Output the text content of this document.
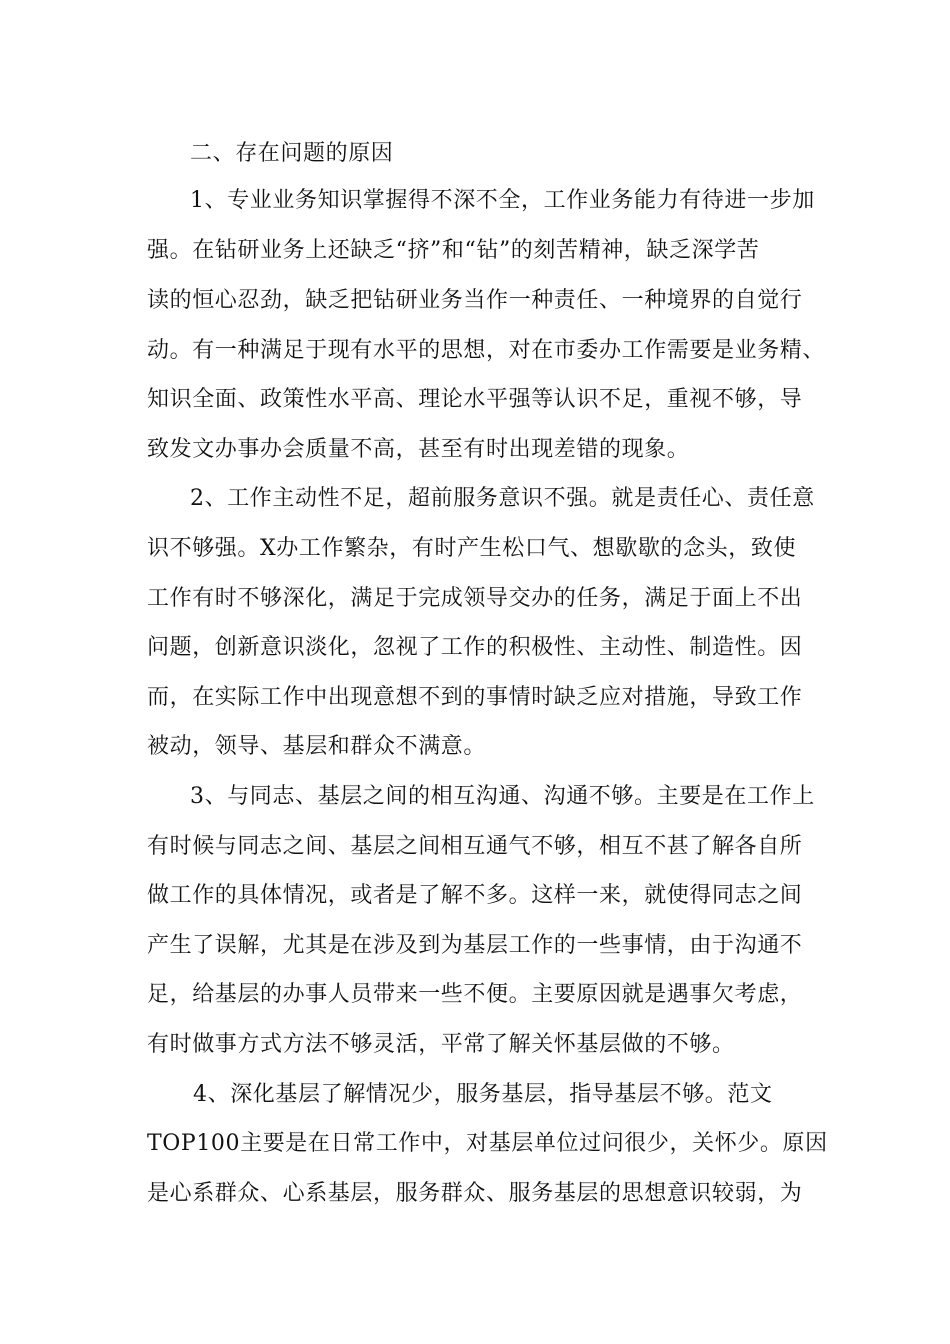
二、存在问题的原因
1、专业业务知识掌握得不深不全，工作业务能力有待进一步加
强。在钻研业务上还缺乏“挤”和“钻”的刻苦精神，缺乏深学苦
读的恒心忍劲，缺乏把钻研业务当作一种责任、一种境界的自觉行
动。有一种满足于现有水平的思想，对在市委办工作需要是业务精、
知识全面、政策性水平高、理论水平强等认识不足，重视不够，导
致发文办事办会质量不高，甚至有时出现差错的现象。
2、工作主动性不足，超前服务意识不强。就是责任心、责任意
识不够强。X办工作繁杂，有时产生松口气、想歇歇的念头，致使
工作有时不够深化，满足于完成领导交办的任务，满足于面上不出
问题，创新意识淡化，忽视了工作的积极性、主动性、制造性。因
而，在实际工作中出现意想不到的事情时缺乏应对措施，导致工作
被动，领导、基层和群众不满意。
3、与同志、基层之间的相互沟通、沟通不够。主要是在工作上
有时候与同志之间、基层之间相互通气不够，相互不甚了解各自所
做工作的具体情况，或者是了解不多。这样一来，就使得同志之间
产生了误解，尤其是在涉及到为基层工作的一些事情，由于沟通不
足，给基层的办事人员带来一些不便。主要原因就是遇事欠考虑，
有时做事方式方法不够灵活，平常了解关怀基层做的不够。
4、深化基层了解情况少，服务基层，指导基层不够。范文
TOP100主要是在日常工作中，对基层单位过问很少，关怀少。原因
是心系群众、心系基层，服务群众、服务基层的思想意识较弱，为
